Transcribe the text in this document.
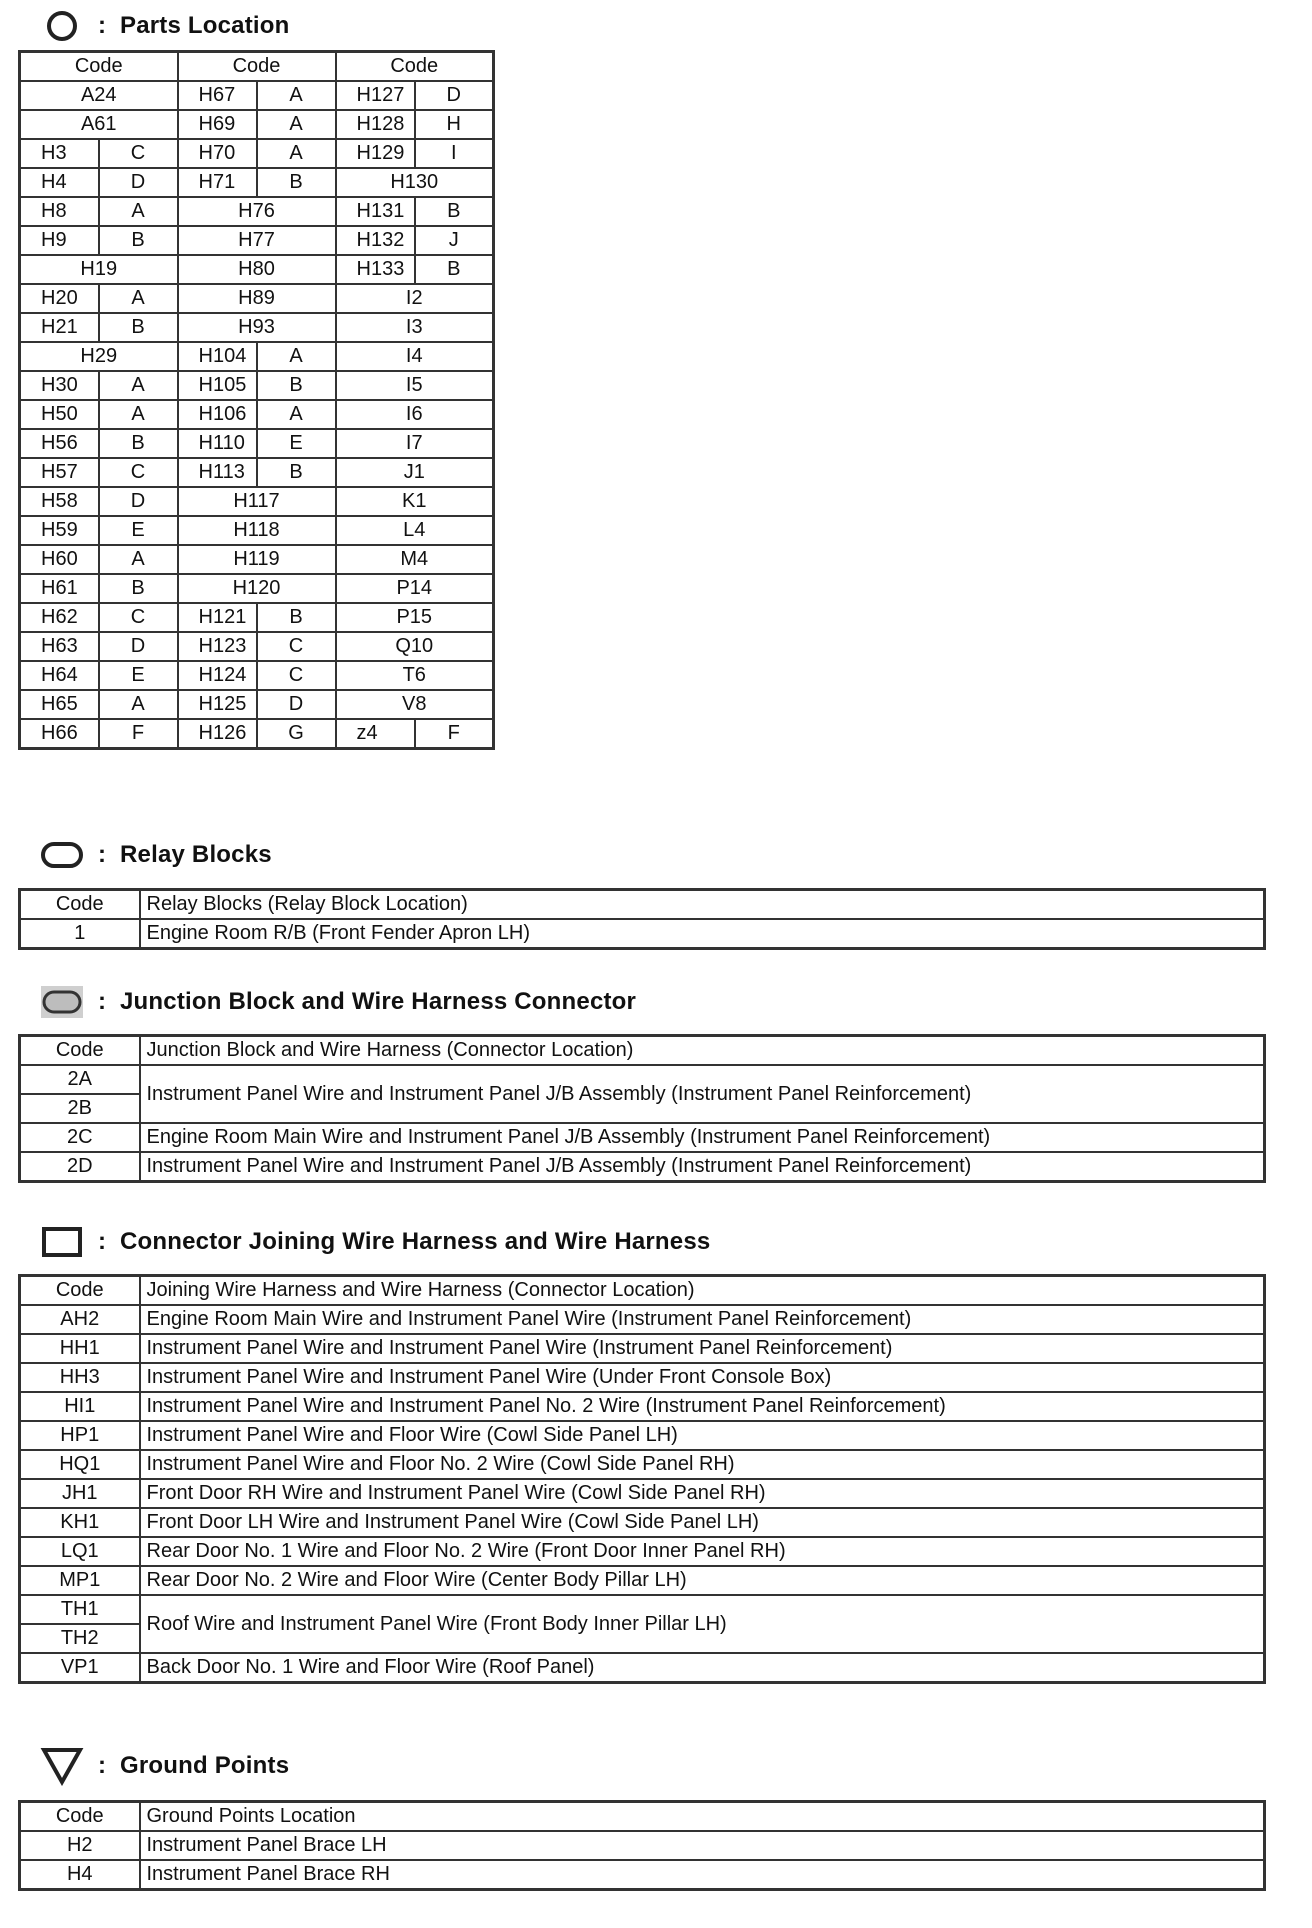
: Parts Location
Code		Code		Code	
A24		H67	A	H127	D
A61		H69	A	H128	H
H3	C	H70	A	H129	I
H4	D	H71	B	H130	
H8	A	H76		H131	B
H9	B	H77		H132	J
H19		H80		H133	B
H20	A	H89		I2	
H21	B	H93		I3	
H29		H104	A	I4	
H30	A	H105	B	I5	
H50	A	H106	A	I6	
H56	B	H110	E	I7	
H57	C	H113	B	J1	
H58	D	H117		K1	
H59	E	H118		L4	
H60	A	H119		M4	
H61	B	H120		P14	
H62	C	H121	B	P15	
H63	D	H123	C	Q10	
H64	E	H124	C	T6	
H65	A	H125	D	V8	
H66	F	H126	G	z4	F
: Relay Blocks
Code	Relay Blocks (Relay Block Location)
1	Engine Room R/B (Front Fender Apron LH)
: Junction Block and Wire Harness Connector
Code	Junction Block and Wire Harness (Connector Location)
2A	Instrument Panel Wire and Instrument Panel J/B Assembly (Instrument Panel Reinforcement)
2B	
2C	Engine Room Main Wire and Instrument Panel J/B Assembly (Instrument Panel Reinforcement)
2D	Instrument Panel Wire and Instrument Panel J/B Assembly (Instrument Panel Reinforcement)
: Connector Joining Wire Harness and Wire Harness
Code	Joining Wire Harness and Wire Harness (Connector Location)
AH2	Engine Room Main Wire and Instrument Panel Wire (Instrument Panel Reinforcement)
HH1	Instrument Panel Wire and Instrument Panel Wire (Instrument Panel Reinforcement)
HH3	Instrument Panel Wire and Instrument Panel Wire (Under Front Console Box)
HI1	Instrument Panel Wire and Instrument Panel No. 2 Wire (Instrument Panel Reinforcement)
HP1	Instrument Panel Wire and Floor Wire (Cowl Side Panel LH)
HQ1	Instrument Panel Wire and Floor No. 2 Wire (Cowl Side Panel RH)
JH1	Front Door RH Wire and Instrument Panel Wire (Cowl Side Panel RH)
KH1	Front Door LH Wire and Instrument Panel Wire (Cowl Side Panel LH)
LQ1	Rear Door No. 1 Wire and Floor No. 2 Wire (Front Door Inner Panel RH)
MP1	Rear Door No. 2 Wire and Floor Wire (Center Body Pillar LH)
TH1	Roof Wire and Instrument Panel Wire (Front Body Inner Pillar LH)
TH2	
VP1	Back Door No. 1 Wire and Floor Wire (Roof Panel)
: Ground Points
Code	Ground Points Location
H2	Instrument Panel Brace LH
H4	Instrument Panel Brace RH
